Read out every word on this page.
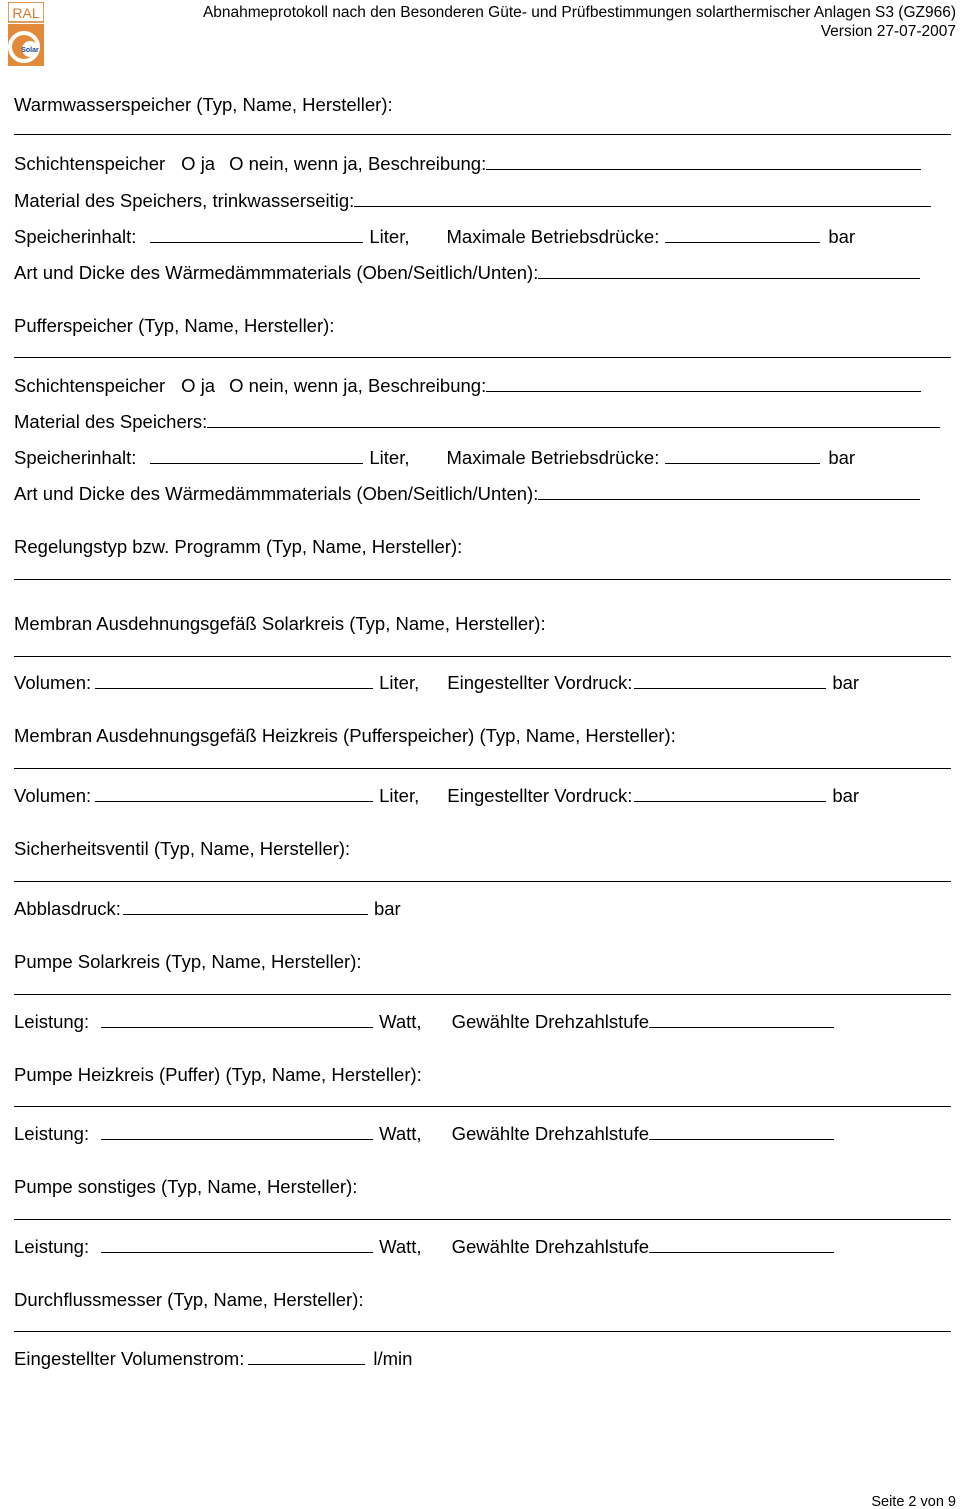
RAL
Solar
Abnahmeprotokoll nach den Besonderen Güte- und Prüfbestimmungen solarthermischer Anlagen S3 (GZ966)
Version 27-07-2007
Warmwasserspeicher (Typ, Name, Hersteller):
Schichtenspeicher O ja O nein, wenn ja, Beschreibung:
Material des Speichers, trinkwasserseitig:
Speicherinhalt:	Liter, Maximale Betriebsdrücke:	bar
Art und Dicke des Wärmedämmmaterials (Oben/Seitlich/Unten):
Pufferspeicher (Typ, Name, Hersteller):
Schichtenspeicher O ja O nein, wenn ja, Beschreibung:
Material des Speichers:
Speicherinhalt:	Liter, Maximale Betriebsdrücke:	bar
Art und Dicke des Wärmedämmmaterials (Oben/Seitlich/Unten):
Regelungstyp bzw. Programm (Typ, Name, Hersteller):
Membran Ausdehnungsgefäß Solarkreis (Typ, Name, Hersteller):
Volumen:	Liter, Eingestellter Vordruck:	bar
Membran Ausdehnungsgefäß Heizkreis (Pufferspeicher) (Typ, Name, Hersteller):
Volumen:	Liter, Eingestellter Vordruck:	bar
Sicherheitsventil (Typ, Name, Hersteller):
Abblasdruck:	bar
Pumpe Solarkreis (Typ, Name, Hersteller):
Leistung:	Watt, Gewählte Drehzahlstufe
Pumpe Heizkreis (Puffer) (Typ, Name, Hersteller):
Leistung:	Watt, Gewählte Drehzahlstufe
Pumpe sonstiges (Typ, Name, Hersteller):
Leistung:	Watt, Gewählte Drehzahlstufe
Durchflussmesser (Typ, Name, Hersteller):
Eingestellter Volumenstrom:	l/min
Seite 2 von 9
